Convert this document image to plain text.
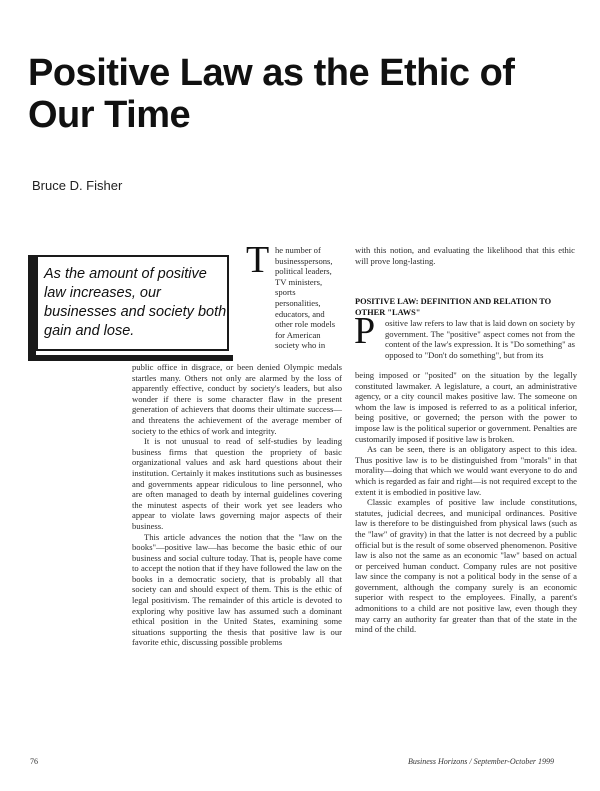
Positive Law as the Ethic of Our Time
Bruce D. Fisher

As the amount of positive law increases, our businesses and society both gain and lose.

T he number of businesspersons, political leaders, TV ministers, sports personalities, educators, and other role models for American society who in

public office in disgrace, or been denied Olympic medals startles many. Others not only are alarmed by the loss of apparently effective, conduct by society's leaders, but also wonder if there is some character flaw in the present generation of achievers that dooms their ultimate success—and threatens the achievement of the average member of society to the ethics of work and integrity.

It is not unusual to read of self-studies by leading business firms that question the propriety of basic organizational values and ask hard questions about their institution. Certainly it makes institutions such as businesses and governments appear ridiculous to line personnel, who are often managed to death by internal guidelines covering the minutest aspects of their work yet see leaders who appear to violate laws governing major aspects of their business.

This article advances the notion that the "law on the books"—positive law—has become the basic ethic of our business and social culture today. That is, people have come to accept the notion that if they have followed the law on the books in a democratic society, that is probably all that society can and should expect of them. This is the ethic of legal positivism. The remainder of this article is devoted to exploring why positive law has assumed such a dominant ethical position in the United States, examining some situations supporting the thesis that positive law is our favorite ethic, discussing possible problems

with this notion, and evaluating the likelihood that this ethic will prove long-lasting.

POSITIVE LAW: DEFINITION AND RELATION TO OTHER "LAWS"
P ositive law refers to law that is laid down on society by government. The "positive" aspect comes not from the content of the law's expression. It is "Do something" as opposed to "Don't do something", but from its

being imposed or "posited" on the situation by the legally constituted lawmaker. A legislature, a court, an administrative agency, or a city council makes positive law. The someone on whom the law is imposed is referred to as a political inferior, being positive, or governed; the person with the power to impose law is the political superior or government. Penalties are customarily imposed if positive law is broken.

As can be seen, there is an obligatory aspect to this idea. Thus positive law is to be distinguished from "morals" in that morality—doing that which we would want everyone to do and which is regarded as fair and right—is not required except to the extent it is embodied in positive law.

Classic examples of positive law include constitutions, statutes, judicial decrees, and municipal ordinances. Positive law is therefore to be distinguished from physical laws (such as the "law" of gravity) in that the latter is not decreed by a public official but is the result of some observed phenomenon. Positive law is also not the same as an economic "law" based on actual or perceived human conduct. Company rules are not positive law since the company is not a political body in the sense of a government, although the company surely is an economic superior with respect to the employees. Finally, a parent's admonitions to a child are not positive law, even though they may carry an authority far greater than that of the state in the mind of the child.

76	Business Horizons / September-October 1999
